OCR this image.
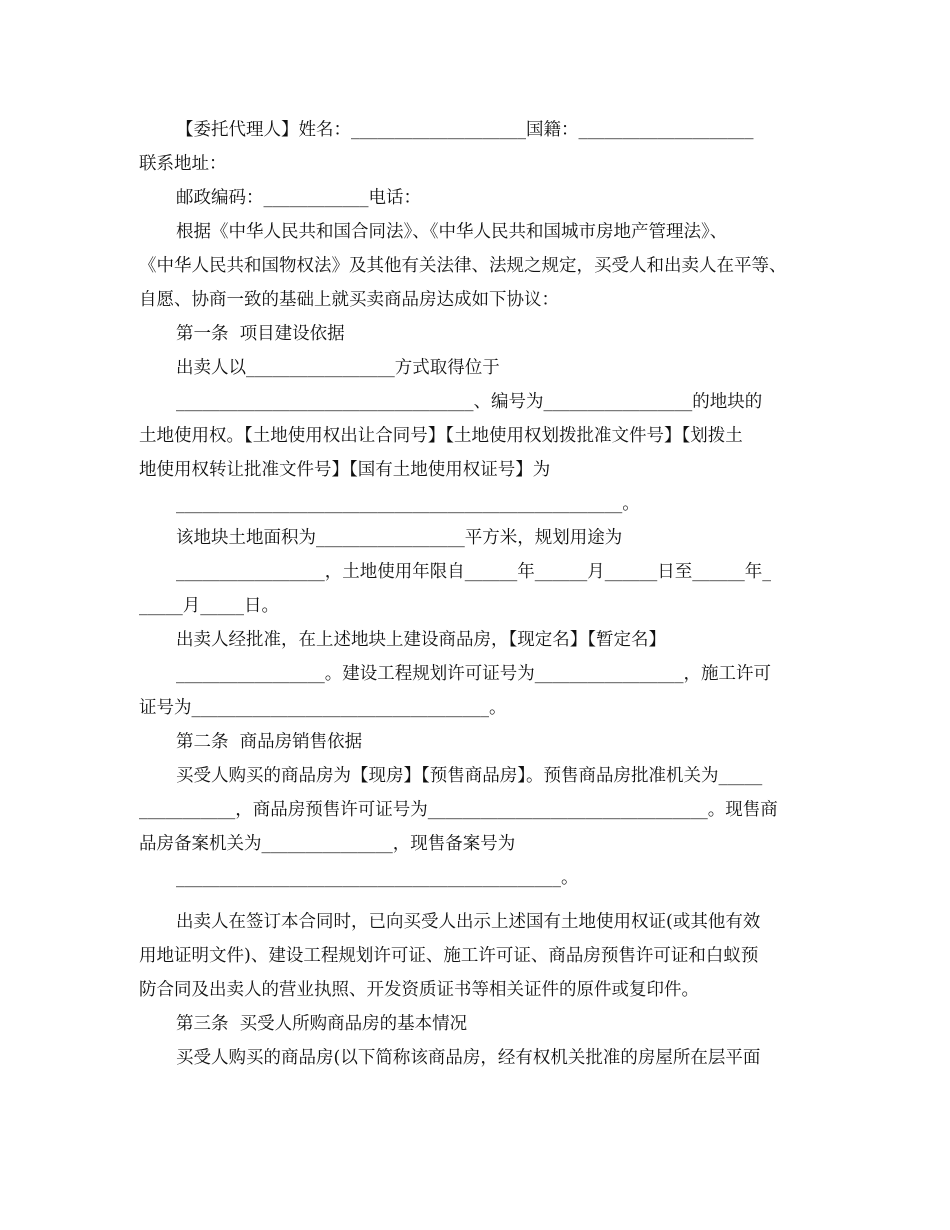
【委托代理人】姓名：____________________国籍：____________________
联系地址：
邮政编码：____________电话：
根据《中华人民共和国合同法》、《中华人民共和国城市房地产管理法》、
《中华人民共和国物权法》及其他有关法律、法规之规定，买受人和出卖人在平等、
自愿、协商一致的基础上就买卖商品房达成如下协议：
第一条  项目建设依据
出卖人以_________________方式取得位于
__________________________________、编号为_________________的地块的
土地使用权。【土地使用权出让合同号】【土地使用权划拨批准文件号】【划拨土
地使用权转让批准文件号】【国有土地使用权证号】为
___________________________________________________。
该地块土地面积为_________________平方米，规划用途为
_________________，土地使用年限自______年______月______日至______年_
_____月_____日。
出卖人经批准，在上述地块上建设商品房，【现定名】【暂定名】
_________________。建设工程规划许可证号为_________________，施工许可
证号为__________________________________。
第二条  商品房销售依据
买受人购买的商品房为【现房】【预售商品房】。预售商品房批准机关为_____
___________，商品房预售许可证号为________________________________。现售商
品房备案机关为_______________，现售备案号为
____________________________________________。
出卖人在签订本合同时，已向买受人出示上述国有土地使用权证(或其他有效
用地证明文件)、建设工程规划许可证、施工许可证、商品房预售许可证和白蚁预
防合同及出卖人的营业执照、开发资质证书等相关证件的原件或复印件。
第三条  买受人所购商品房的基本情况
买受人购买的商品房(以下简称该商品房，经有权机关批准的房屋所在层平面
